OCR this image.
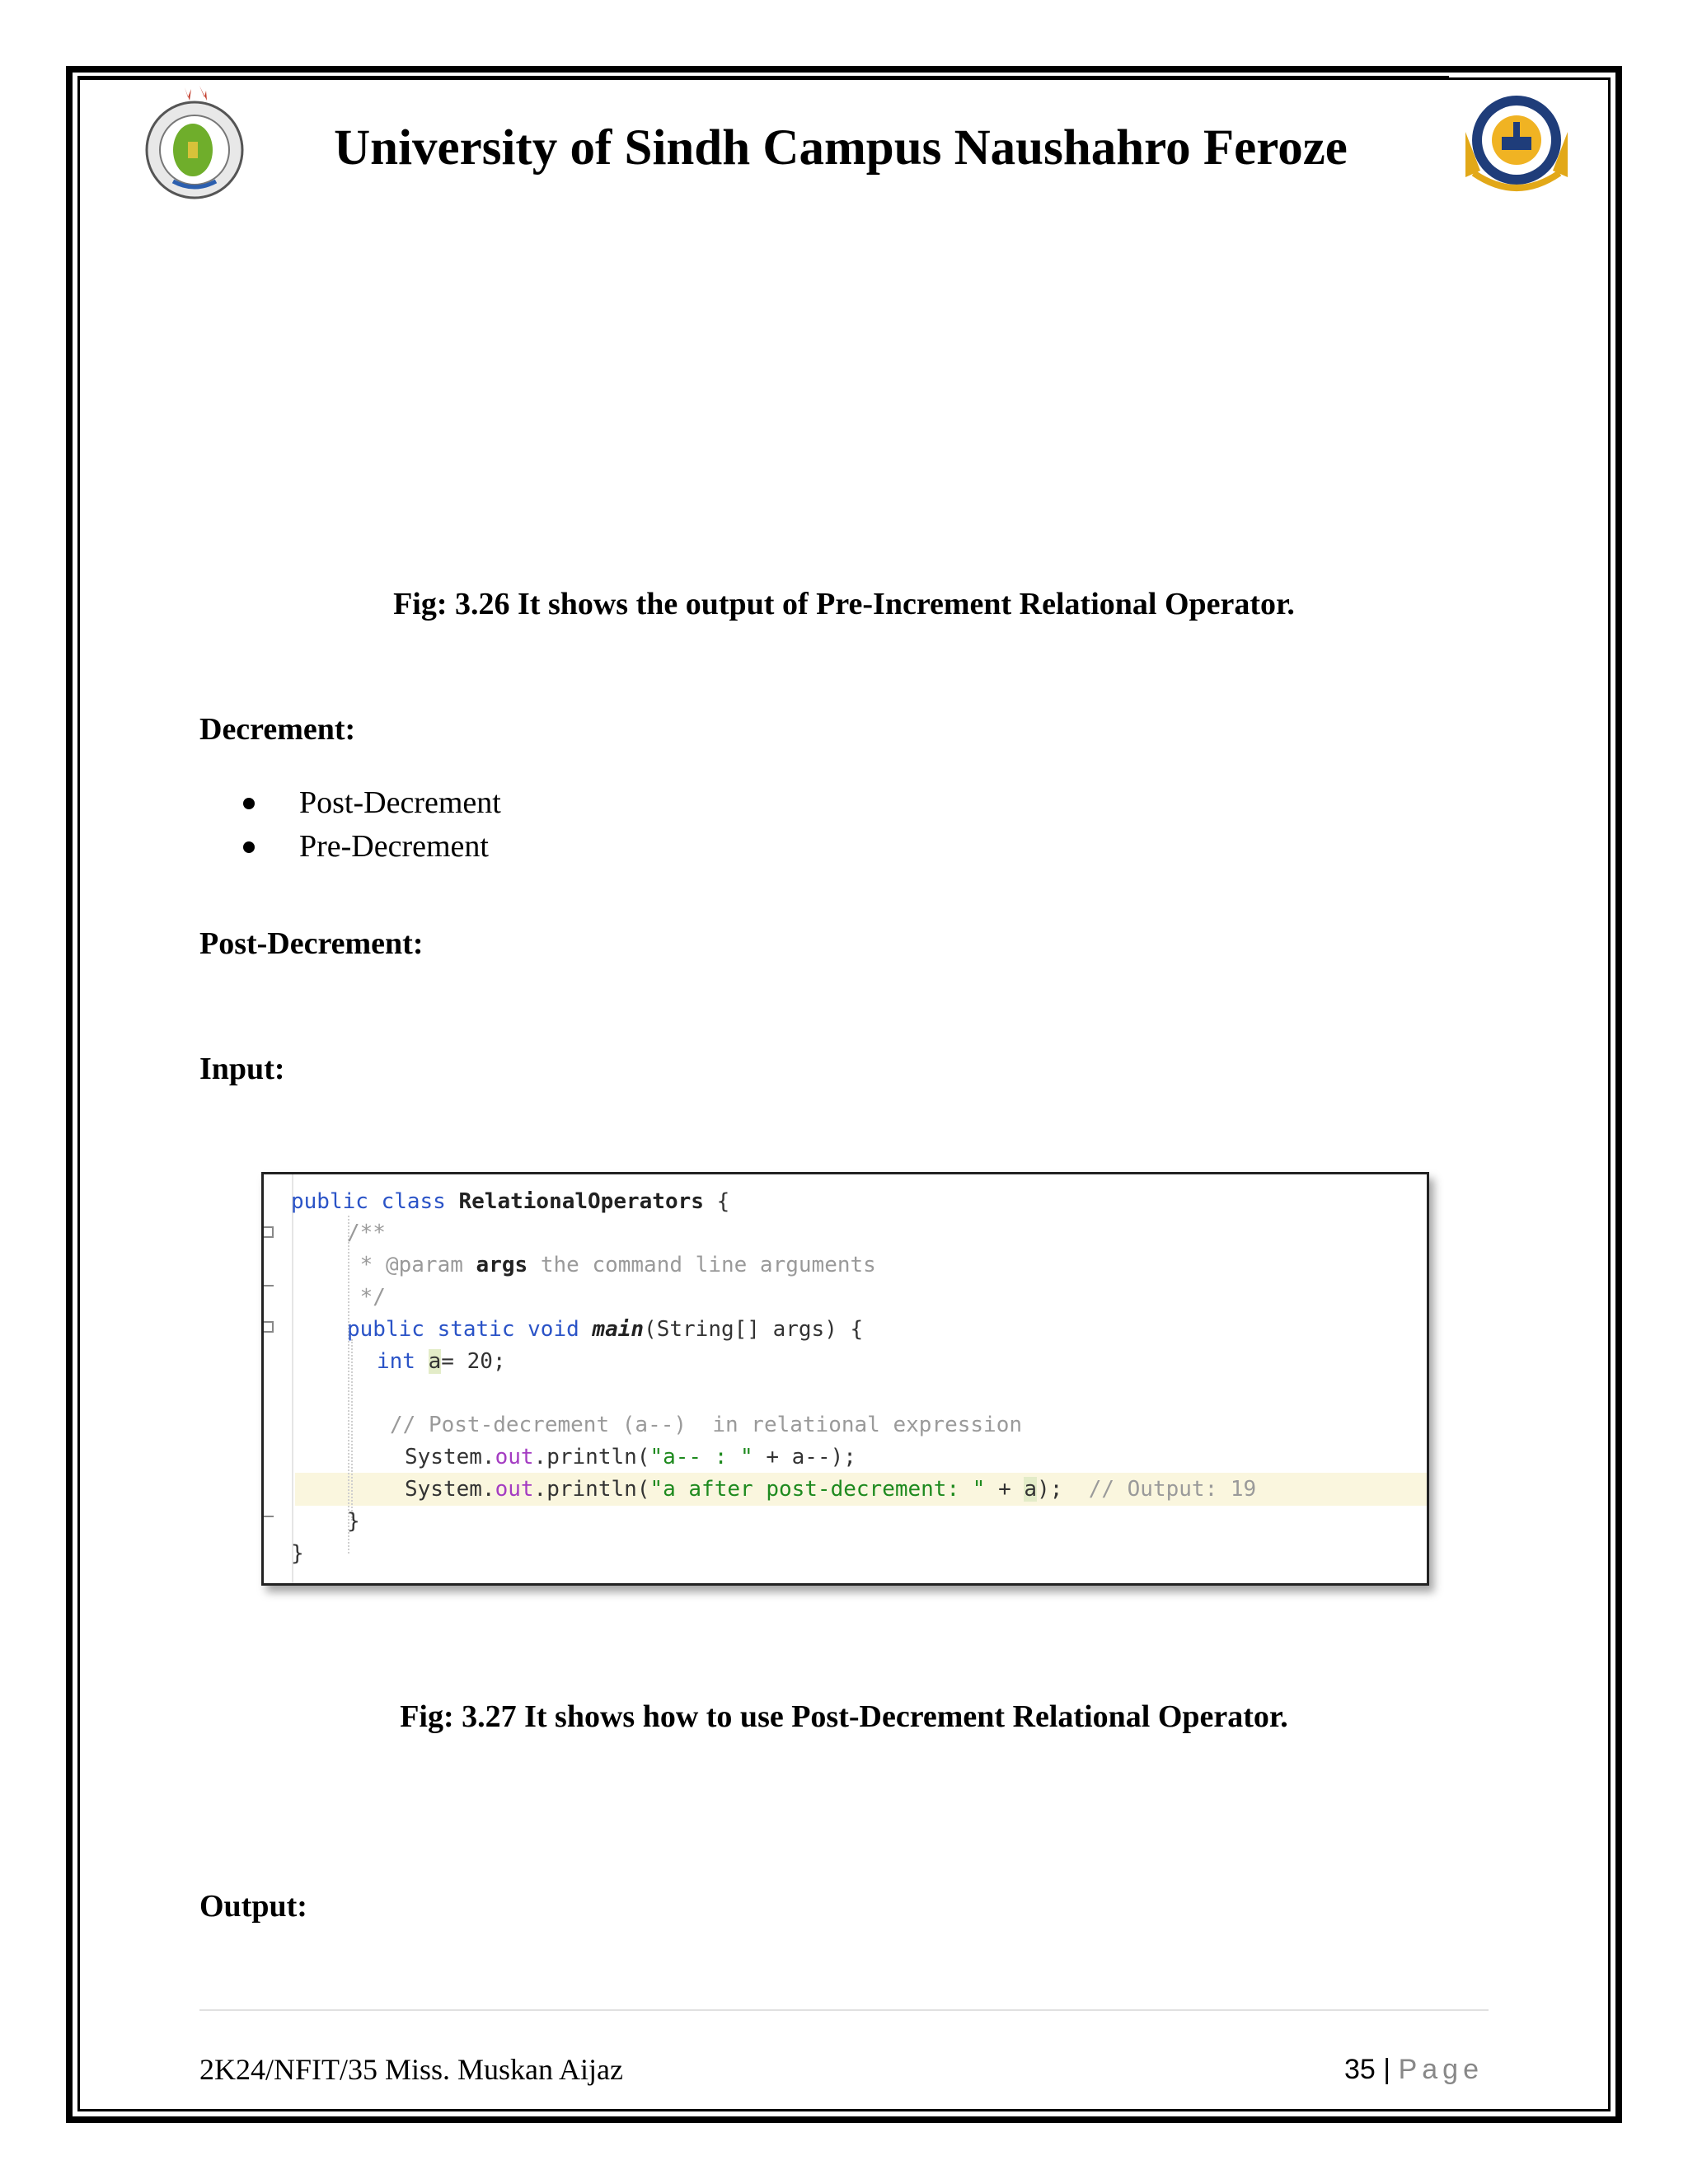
University of Sindh Campus Naushahro Feroze
Fig: 3.26 It shows the output of Pre-Increment Relational Operator.
Decrement:
Post-Decrement
Pre-Decrement
Post-Decrement:
Input:
public class RelationalOperators {
/**
* @param args the command line arguments
*/
public static void main(String[] args) {
int a= 20;
// Post-decrement (a--)  in relational expression
System.out.println("a-- : " + a--);
System.out.println("a after post-decrement: " + a);  // Output: 19
}
}
Fig: 3.27 It shows how to use Post-Decrement Relational Operator.
Output:
2K24/NFIT/35 Miss. Muskan Aijaz	35 | Page
